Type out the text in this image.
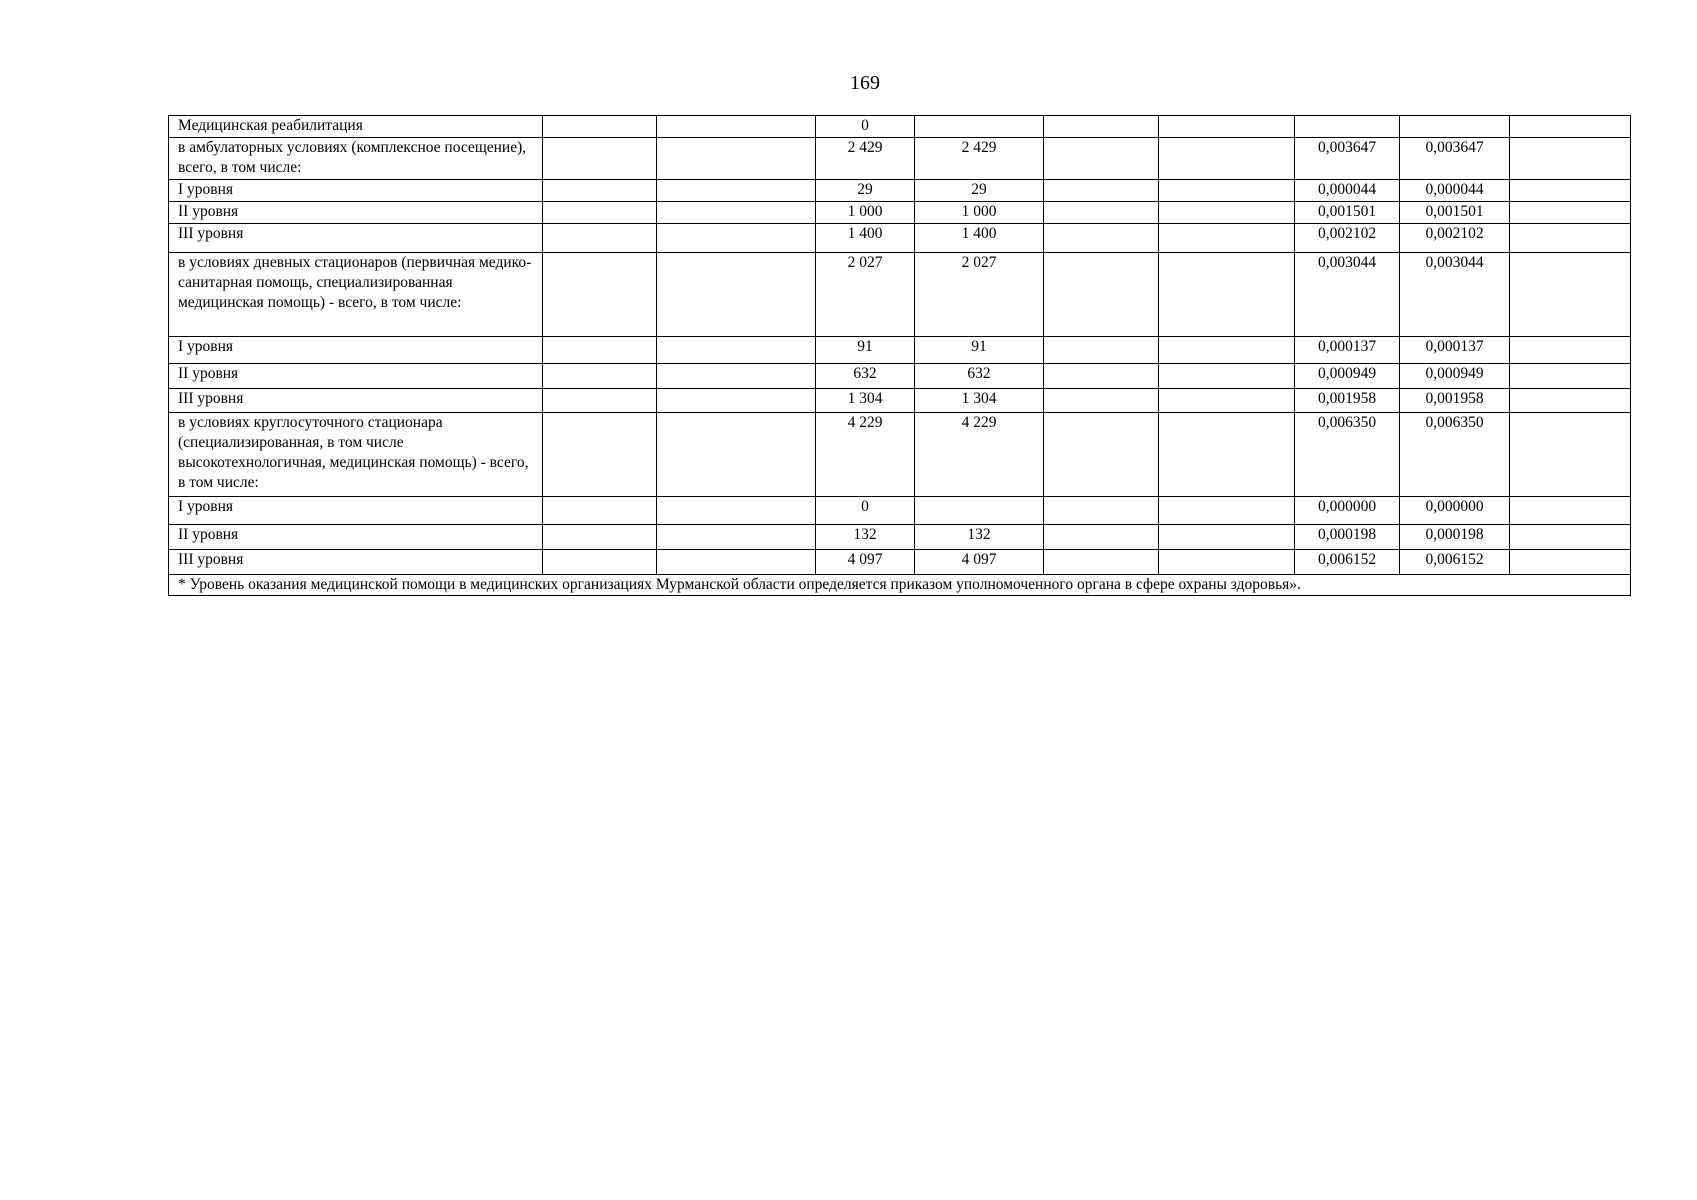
169
Медицинская реабилитация			0						
в амбулаторных условиях (комплексное посещение), всего, в том числе:			2 429	2 429			0,003647	0,003647	
I уровня			29	29			0,000044	0,000044	
II уровня			1 000	1 000			0,001501	0,001501	
III уровня			1 400	1 400			0,002102	0,002102	
в условиях дневных стационаров (первичная медико-санитарная помощь, специализированная медицинская помощь) - всего, в том числе:			2 027	2 027			0,003044	0,003044	
I уровня			91	91			0,000137	0,000137	
II уровня			632	632			0,000949	0,000949	
III уровня			1 304	1 304			0,001958	0,001958	
в условиях круглосуточного стационара (специализированная, в том числе высокотехнологичная, медицинская помощь) - всего, в том числе:			4 229	4 229			0,006350	0,006350	
I уровня			0				0,000000	0,000000	
II уровня			132	132			0,000198	0,000198	
III уровня			4 097	4 097			0,006152	0,006152	
* Уровень оказания медицинской помощи в медицинских организациях Мурманской области определяется приказом уполномоченного органа в сфере охраны здоровья».									
